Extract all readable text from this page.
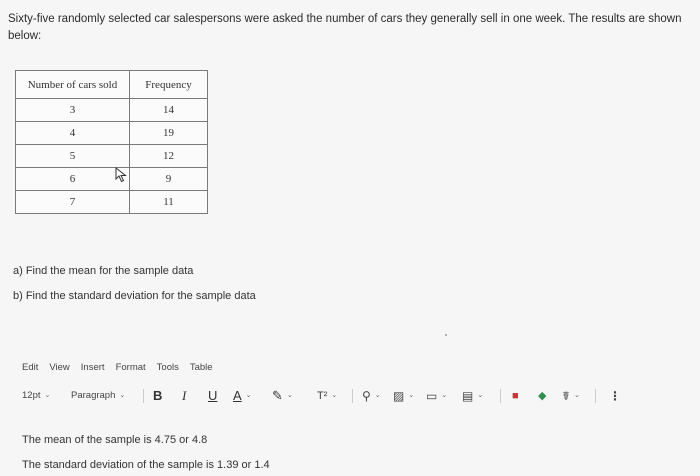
Sixty-five randomly selected car salespersons were asked the number of cars they generally sell in one week. The results are shown below:
Number of cars sold	Frequency
3	14
4	19
5	12
6	9
7	11
a) Find the mean for the sample data
b) Find the standard deviation for the sample data
Edit View Insert Format Tools Table
12pt ⌄ Paragraph ⌄ B I U A ⌄ ✎ ⌄ T² ⌄ ⚲ ⌄ ▨ ⌄ ▭ ⌄ ▤ ⌄	■ ◆ ☤ ⌄ ⋮
The mean of the sample is 4.75 or 4.8
The standard deviation of the sample is 1.39 or 1.4
